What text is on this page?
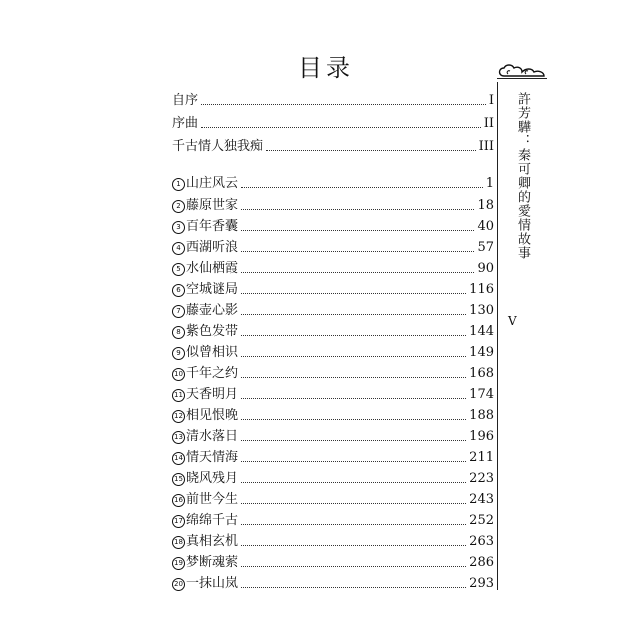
目录
許芳驊：秦可卿的愛情故事
V
自序	I
序曲	II
千古情人独我痴	III
1 山庄风云	1
2 藤原世家	18
3 百年香囊	40
4 西湖听浪	57
5 水仙栖霞	90
6 空城谜局	116
7 藤壶心影	130
8 紫色发带	144
9 似曾相识	149
10 千年之约	168
11 天香明月	174
12 相见恨晚	188
13 清水落日	196
14 情天情海	211
15 晓风残月	223
16 前世今生	243
17 绵绵千古	252
18 真相玄机	263
19 梦断魂萦	286
20 一抹山岚	293
